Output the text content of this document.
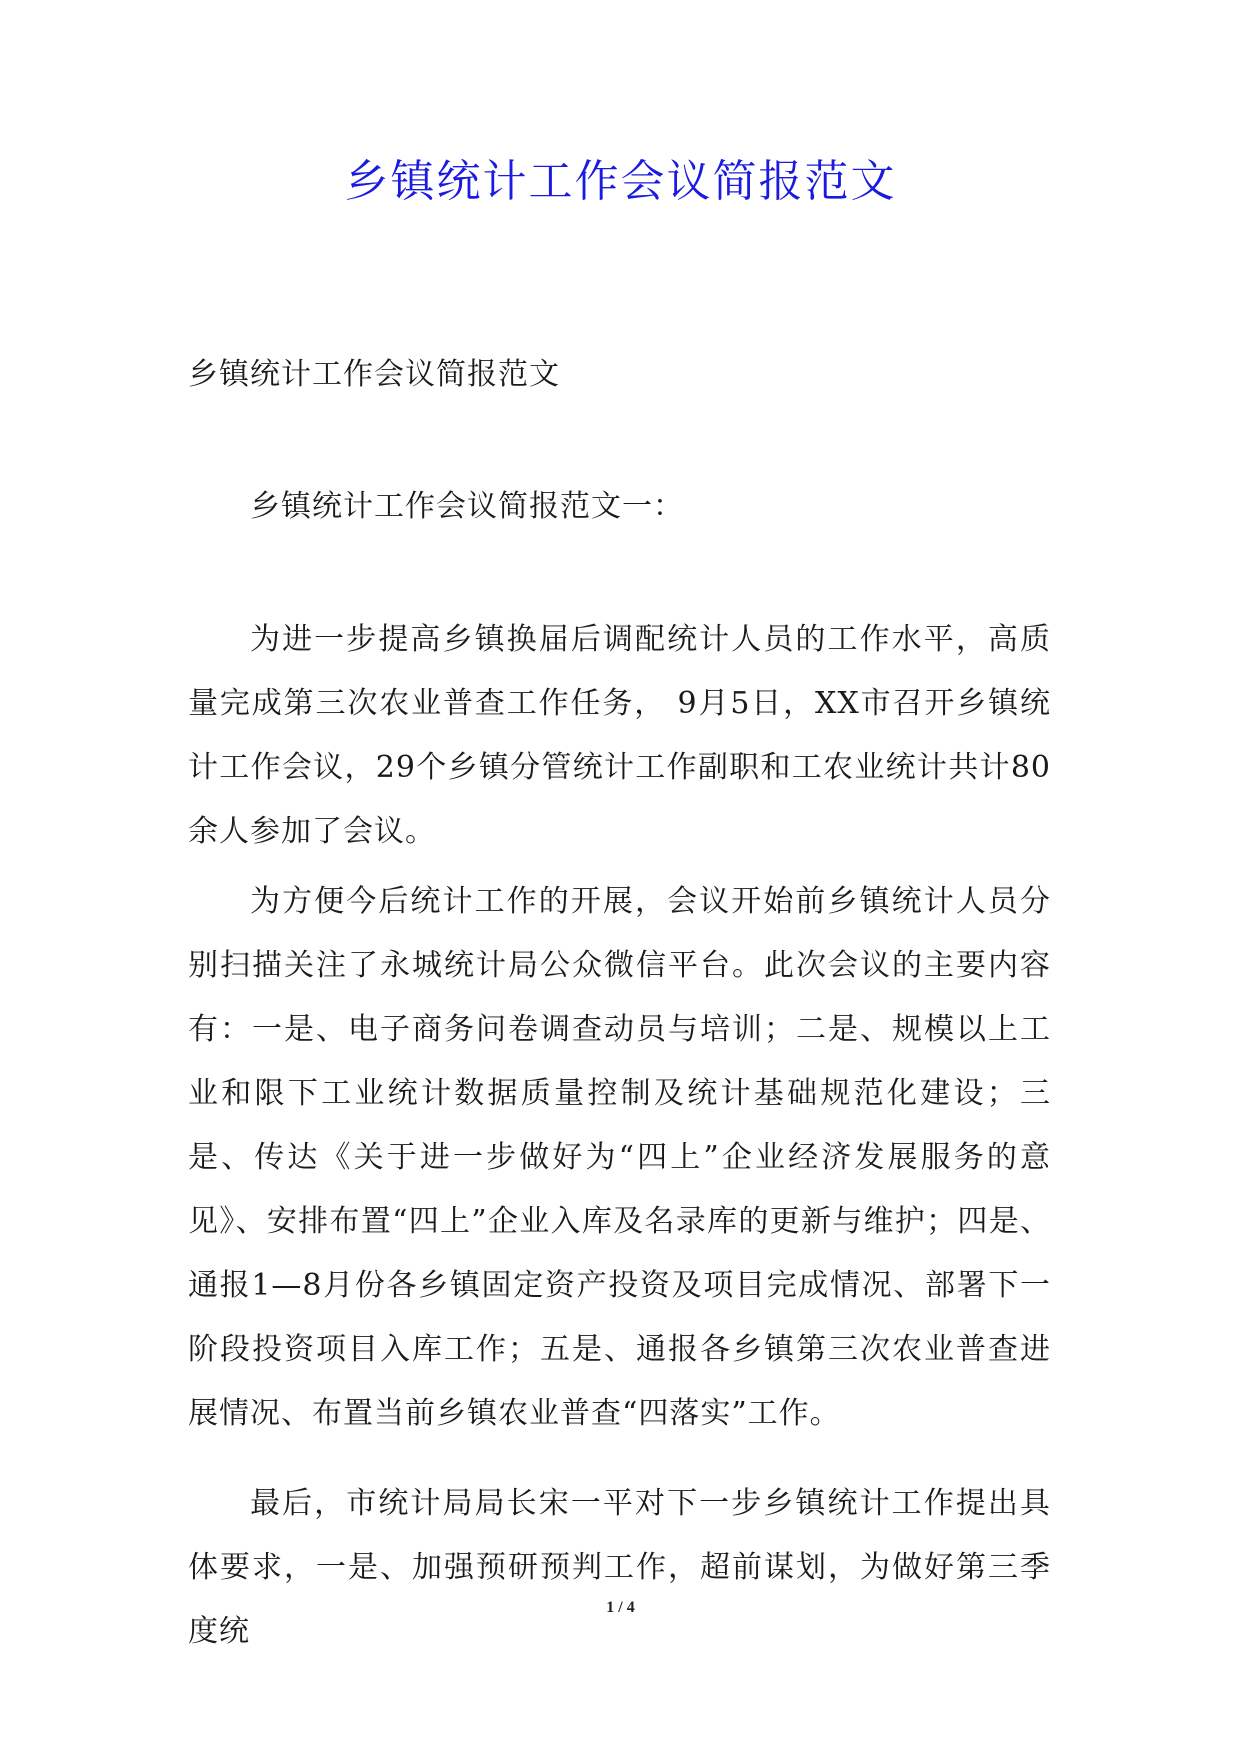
乡镇统计工作会议简报范文
乡镇统计工作会议简报范文
乡镇统计工作会议简报范文一：

为进一步提高乡镇换届后调配统计人员的工作水平，高质量完成第三次农业普查工作任务， 9月5日，XX市召开乡镇统计工作会议，29个乡镇分管统计工作副职和工农业统计共计80余人参加了会议。

为方便今后统计工作的开展，会议开始前乡镇统计人员分别扫描关注了永城统计局公众微信平台。此次会议的主要内容有：一是、电子商务问卷调查动员与培训；二是、规模以上工业和限下工业统计数据质量控制及统计基础规范化建设；三是、传达《关于进一步做好为“四上”企业经济发展服务的意见》、安排布置“四上”企业入库及名录库的更新与维护；四是、通报1—8月份各乡镇固定资产投资及项目完成情况、部署下一阶段投资项目入库工作；五是、通报各乡镇第三次农业普查进展情况、布置当前乡镇农业普查“四落实”工作。

最后，市统计局局长宋一平对下一步乡镇统计工作提出具体要求，一是、加强预研预判工作，超前谋划，为做好第三季度统

1 / 4
